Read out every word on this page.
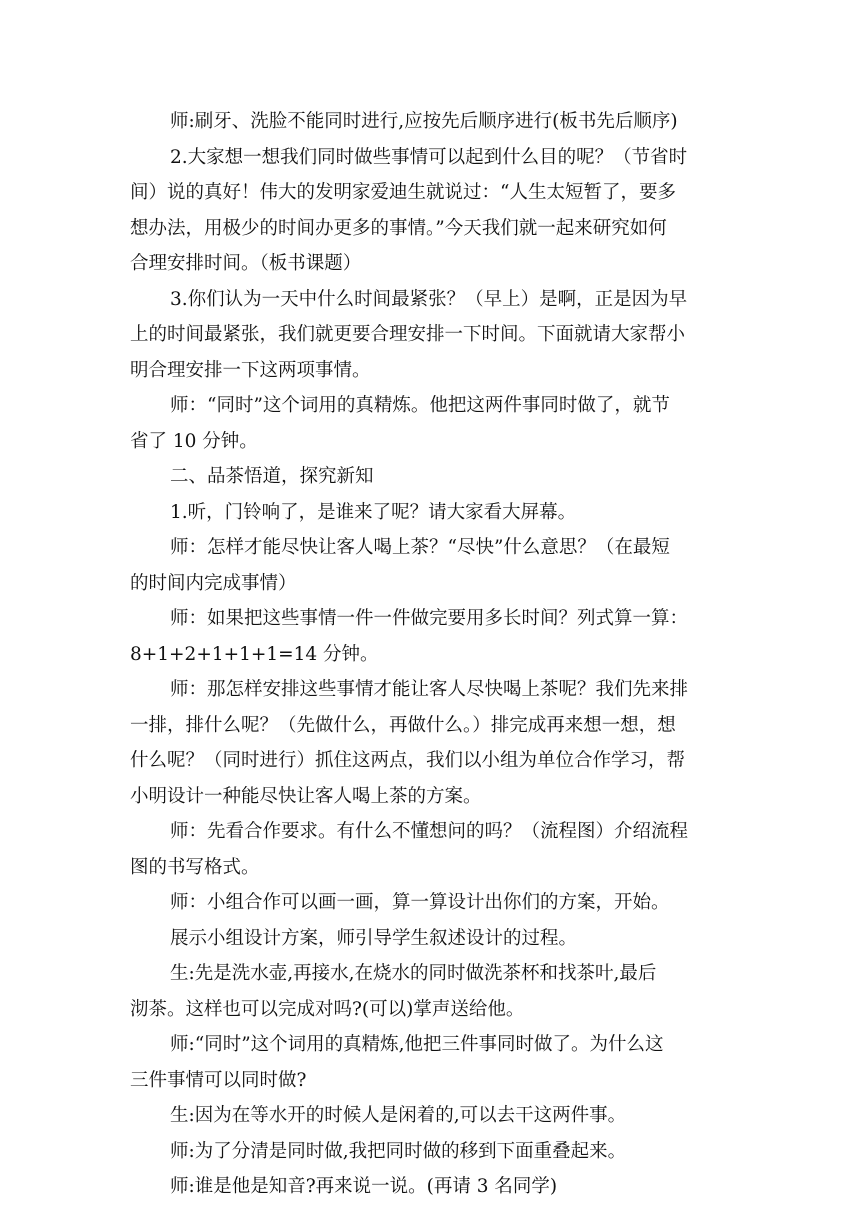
师:刷牙、洗脸不能同时进行,应按先后顺序进行(板书先后顺序)
2.大家想一想我们同时做些事情可以起到什么目的呢？（节省时
间）说的真好！伟大的发明家爱迪生就说过：“人生太短暂了，要多
想办法，用极少的时间办更多的事情。”今天我们就一起来研究如何
合理安排时间。（板书课题）
3.你们认为一天中什么时间最紧张？（早上）是啊，正是因为早
上的时间最紧张，我们就更要合理安排一下时间。下面就请大家帮小
明合理安排一下这两项事情。
师：“同时”这个词用的真精炼。他把这两件事同时做了，就节
省了 10 分钟。
二、品茶悟道，探究新知
1.听，门铃响了，是谁来了呢？请大家看大屏幕。
师：怎样才能尽快让客人喝上茶？“尽快”什么意思？（在最短
的时间内完成事情）
师：如果把这些事情一件一件做完要用多长时间？列式算一算：
8+1+2+1+1+1=14 分钟。
师：那怎样安排这些事情才能让客人尽快喝上茶呢？我们先来排
一排，排什么呢？（先做什么，再做什么。）排完成再来想一想，想
什么呢？（同时进行）抓住这两点，我们以小组为单位合作学习，帮
小明设计一种能尽快让客人喝上茶的方案。
师：先看合作要求。有什么不懂想问的吗？（流程图）介绍流程
图的书写格式。
师：小组合作可以画一画，算一算设计出你们的方案，开始。
展示小组设计方案，师引导学生叙述设计的过程。
生:先是洗水壶,再接水,在烧水的同时做洗茶杯和找茶叶,最后
沏茶。这样也可以完成对吗?(可以)掌声送给他。
师:“同时”这个词用的真精炼,他把三件事同时做了。为什么这
三件事情可以同时做?
生:因为在等水开的时候人是闲着的,可以去干这两件事。
师:为了分清是同时做,我把同时做的移到下面重叠起来。
师:谁是他是知音?再来说一说。(再请 3 名同学)
